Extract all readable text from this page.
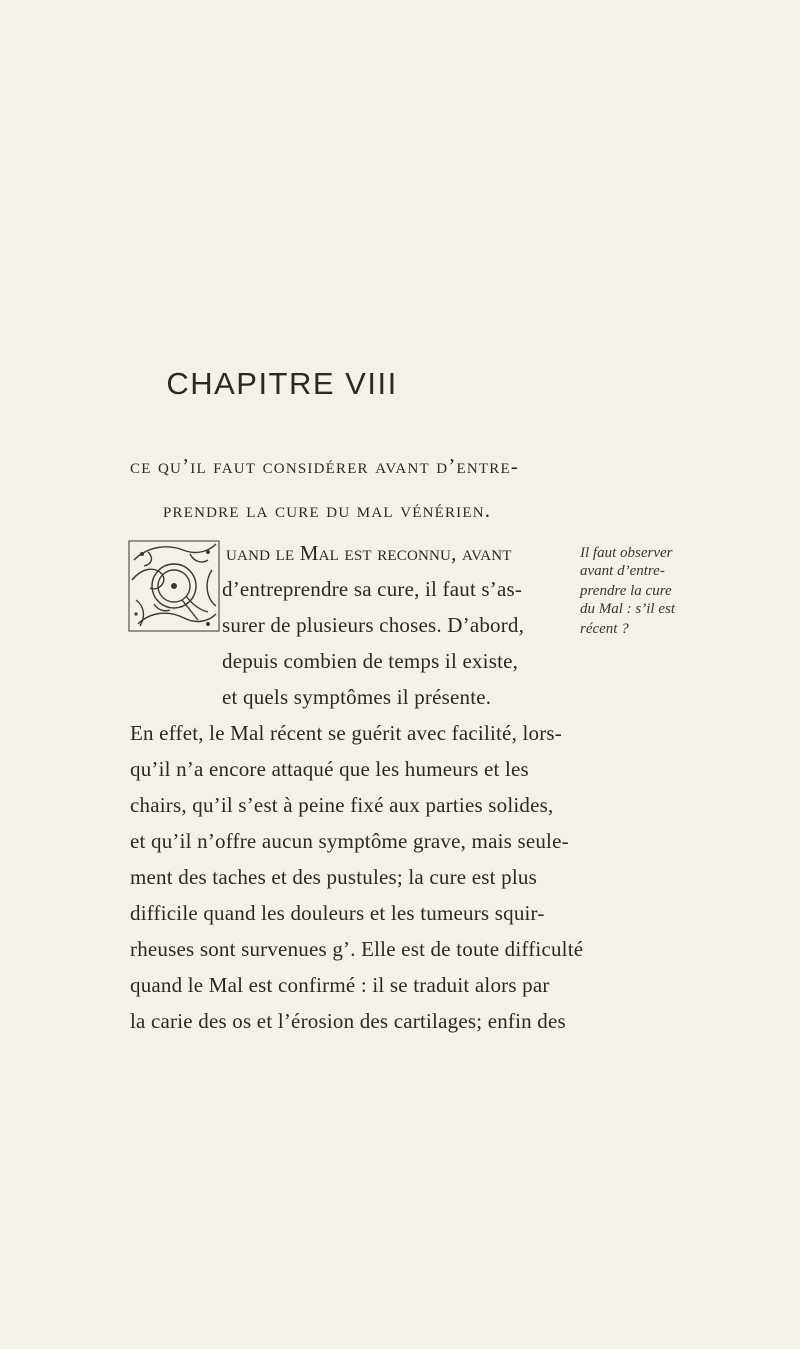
CHAPITRE VIII
ce qu’il faut considérer avant d’entre-
prendre la cure du mal vénérien.
uand le Mal est reconnu, avant
d’entreprendre sa cure, il faut s’as-
surer de plusieurs choses. D’abord,
depuis combien de temps il existe,
et quels symptômes il présente.
En effet, le Mal récent se guérit avec facilité, lors-
qu’il n’a encore attaqué que les humeurs et les
chairs, qu’il s’est à peine fixé aux parties solides,
et qu’il n’offre aucun symptôme grave, mais seule-
ment des taches et des pustules; la cure est plus
difficile quand les douleurs et les tumeurs squir-
rheuses sont survenues g’. Elle est de toute difficulté
quand le Mal est confirmé : il se traduit alors par
la carie des os et l’érosion des cartilages; enfin des
Il faut observer
avant d’entre-
prendre la cure
du Mal : s’il est
récent ?
